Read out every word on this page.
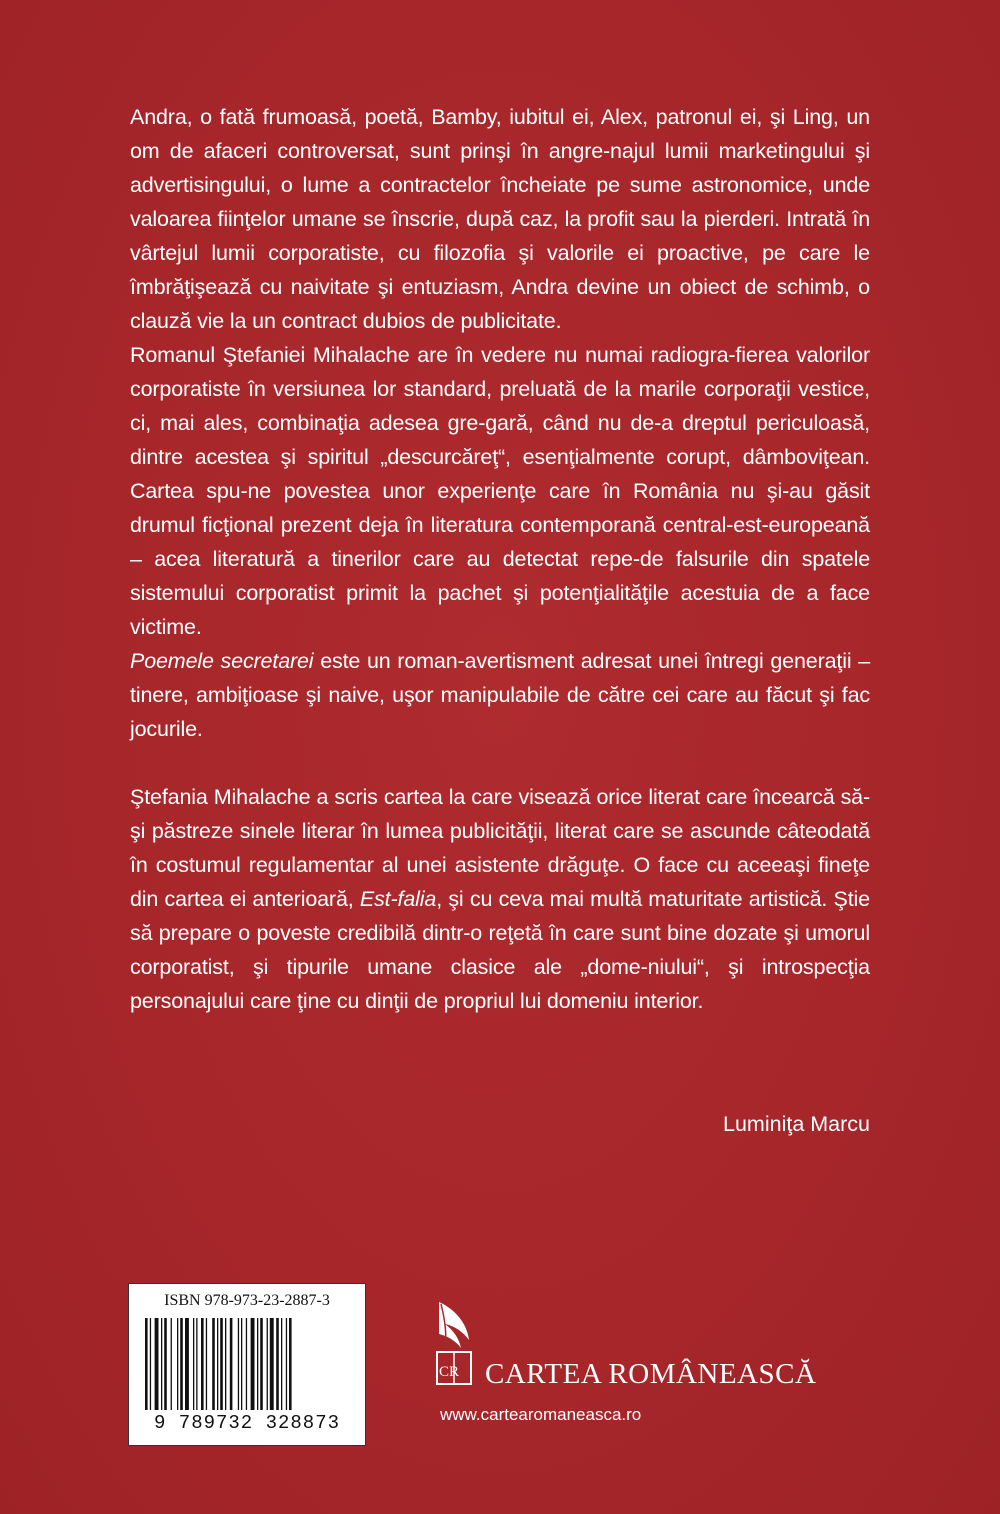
Andra, o fată frumoasă, poetă, Bamby, iubitul ei, Alex, patronul ei, şi Ling, un om de afaceri controversat, sunt prinşi în angre-najul lumii marketingului şi advertisingului, o lume a contractelor încheiate pe sume astronomice, unde valoarea fiinţelor umane se înscrie, după caz, la profit sau la pierderi. Intrată în vârtejul lumii corporatiste, cu filozofia şi valorile ei proactive, pe care le îmbrăţişează cu naivitate şi entuziasm, Andra devine un obiect de schimb, o clauză vie la un contract dubios de publicitate.

Romanul Ştefaniei Mihalache are în vedere nu numai radiogra-fierea valorilor corporatiste în versiunea lor standard, preluată de la marile corporaţii vestice, ci, mai ales, combinaţia adesea gre-gară, când nu de-a dreptul periculoasă, dintre acestea şi spiritul „descurcăreţ“, esenţialmente corupt, dâmboviţean. Cartea spu-ne povestea unor experienţe care în România nu şi-au găsit drumul ficţional prezent deja în literatura contemporană central-est-europeană – acea literatură a tinerilor care au detectat repe-de falsurile din spatele sistemului corporatist primit la pachet şi potenţialităţile acestuia de a face victime.

Poemele secretarei este un roman-avertisment adresat unei întregi generaţii – tinere, ambiţioase şi naive, uşor manipulabile de către cei care au făcut şi fac jocurile.

Ştefania Mihalache a scris cartea la care visează orice literat care încearcă să-şi păstreze sinele literar în lumea publicităţii, literat care se ascunde câteodată în costumul regulamentar al unei asistente drăguţe. O face cu aceeaşi fineţe din cartea ei anterioară, Est-falia, şi cu ceva mai multă maturitate artistică. Ştie să prepare o poveste credibilă dintr-o reţetă în care sunt bine dozate şi umorul corporatist, şi tipurile umane clasice ale „dome-niului“, şi introspecţia personajului care ţine cu dinţii de propriul lui domeniu interior.

Luminiţa Marcu
ISBN 978-973-23-2887-3
9 789732 328873
CR CARTEA ROMÂNEASCĂ
www.cartearomaneasca.ro
